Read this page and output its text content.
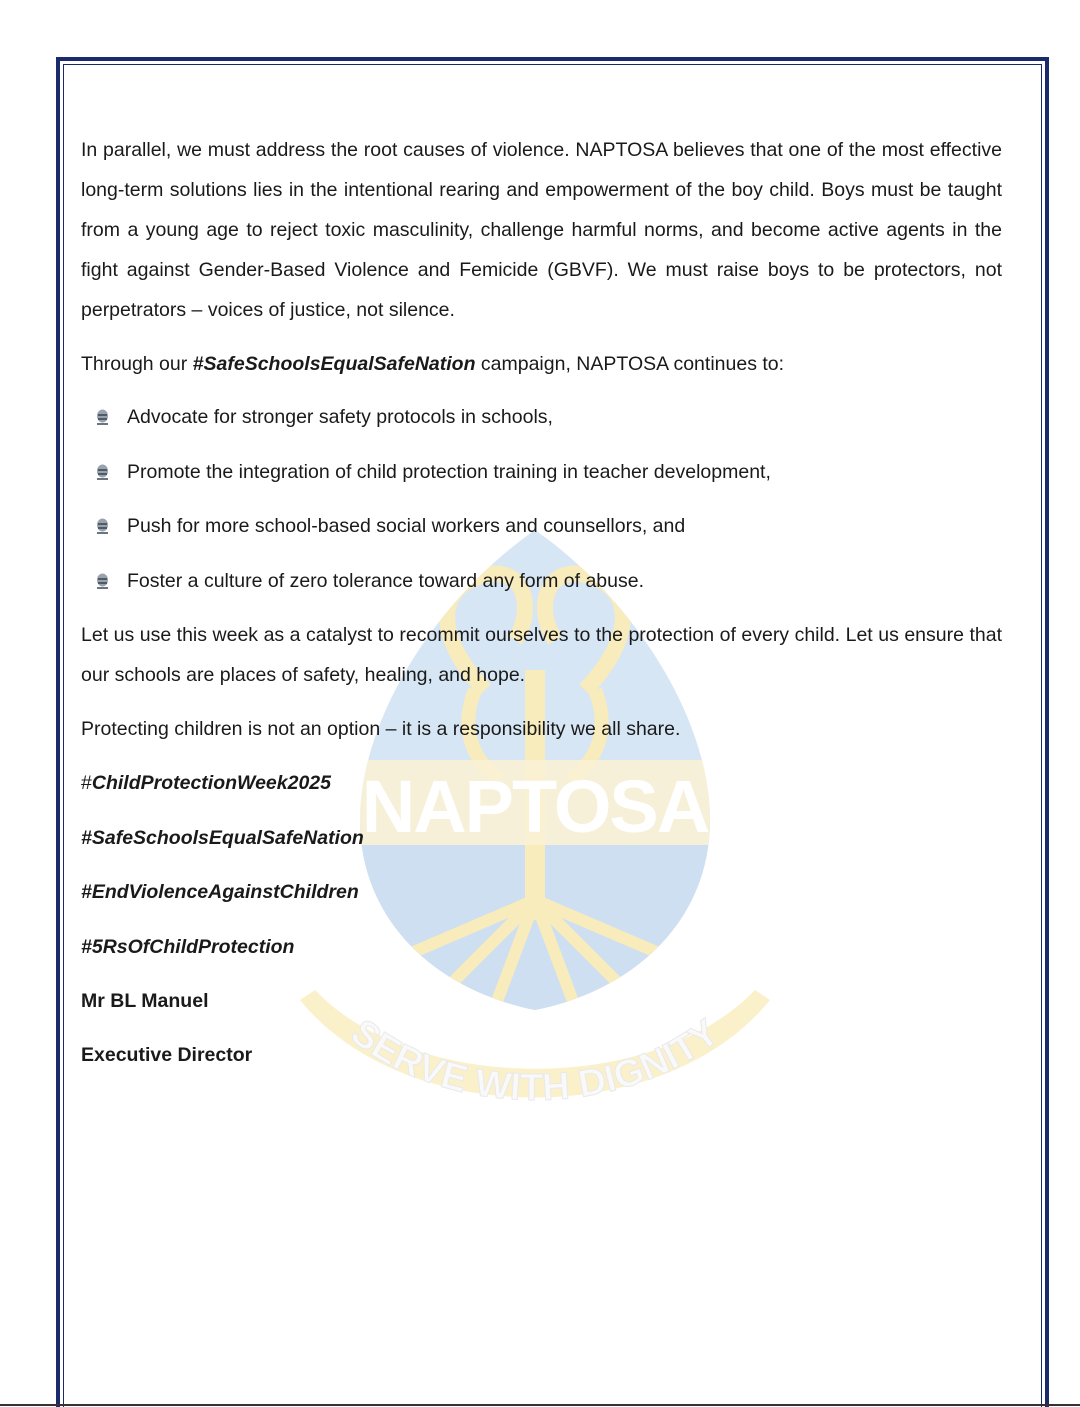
NAPTOSA
SERVE WITH DIGNITY

In parallel, we must address the root causes of violence. NAPTOSA believes that one of the most effective long-term solutions lies in the intentional rearing and empowerment of the boy child. Boys must be taught from a young age to reject toxic masculinity, challenge harmful norms, and become active agents in the fight against Gender-Based Violence and Femicide (GBVF). We must raise boys to be protectors, not perpetrators – voices of justice, not silence.

Through our #SafeSchoolsEqualSafeNation campaign, NAPTOSA continues to:

Advocate for stronger safety protocols in schools,
Promote the integration of child protection training in teacher development,
Push for more school-based social workers and counsellors, and
Foster a culture of zero tolerance toward any form of abuse.

Let us use this week as a catalyst to recommit ourselves to the protection of every child. Let us ensure that our schools are places of safety, healing, and hope.

Protecting children is not an option – it is a responsibility we all share.

#ChildProtectionWeek2025

#SafeSchoolsEqualSafeNation

#EndViolenceAgainstChildren

#5RsOfChildProtection

Mr BL Manuel

Executive Director
